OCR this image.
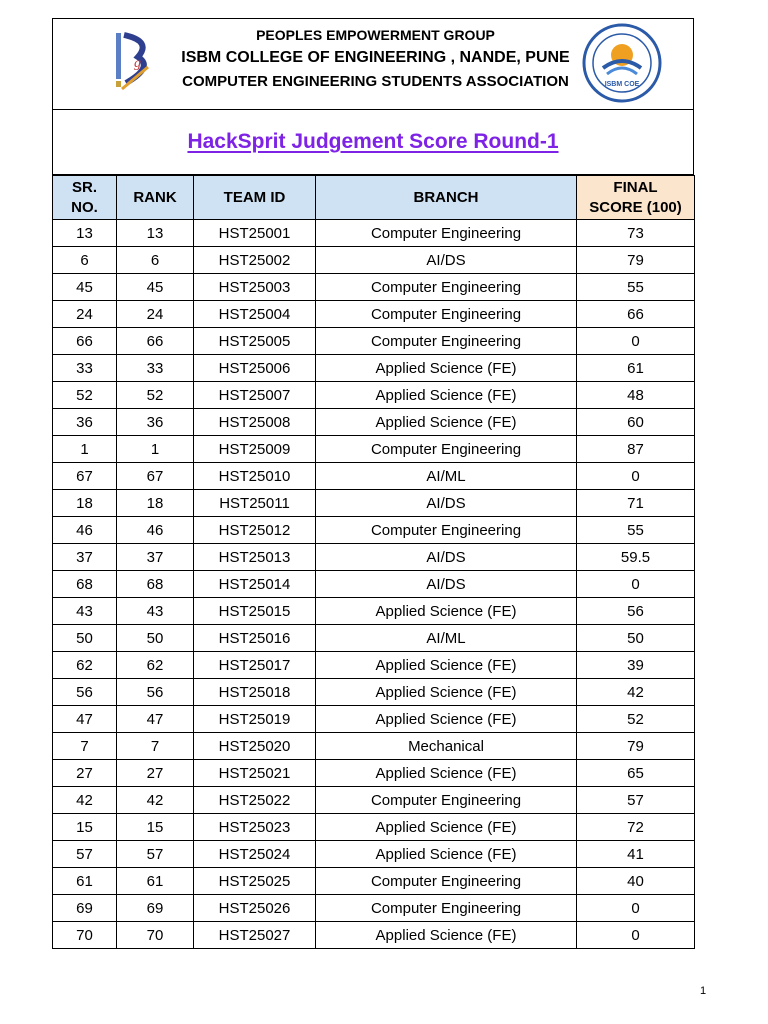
g
PEOPLES EMPOWERMENT GROUP
ISBM COLLEGE OF ENGINEERING , NANDE, PUNE
COMPUTER ENGINEERING STUDENTS ASSOCIATION	ISBM COE
HackSprit Judgement Score Round-1
SR.
NO.	RANK	TEAM ID	BRANCH	FINAL
SCORE (100)
13	13	HST25001	Computer Engineering	73
6	6	HST25002	AI/DS	79
45	45	HST25003	Computer Engineering	55
24	24	HST25004	Computer Engineering	66
66	66	HST25005	Computer Engineering	0
33	33	HST25006	Applied Science (FE)	61
52	52	HST25007	Applied Science (FE)	48
36	36	HST25008	Applied Science (FE)	60
1	1	HST25009	Computer Engineering	87
67	67	HST25010	AI/ML	0
18	18	HST25011	AI/DS	71
46	46	HST25012	Computer Engineering	55
37	37	HST25013	AI/DS	59.5
68	68	HST25014	AI/DS	0
43	43	HST25015	Applied Science (FE)	56
50	50	HST25016	AI/ML	50
62	62	HST25017	Applied Science (FE)	39
56	56	HST25018	Applied Science (FE)	42
47	47	HST25019	Applied Science (FE)	52
7	7	HST25020	Mechanical	79
27	27	HST25021	Applied Science (FE)	65
42	42	HST25022	Computer Engineering	57
15	15	HST25023	Applied Science (FE)	72
57	57	HST25024	Applied Science (FE)	41
61	61	HST25025	Computer Engineering	40
69	69	HST25026	Computer Engineering	0
70	70	HST25027	Applied Science (FE)	0
1
